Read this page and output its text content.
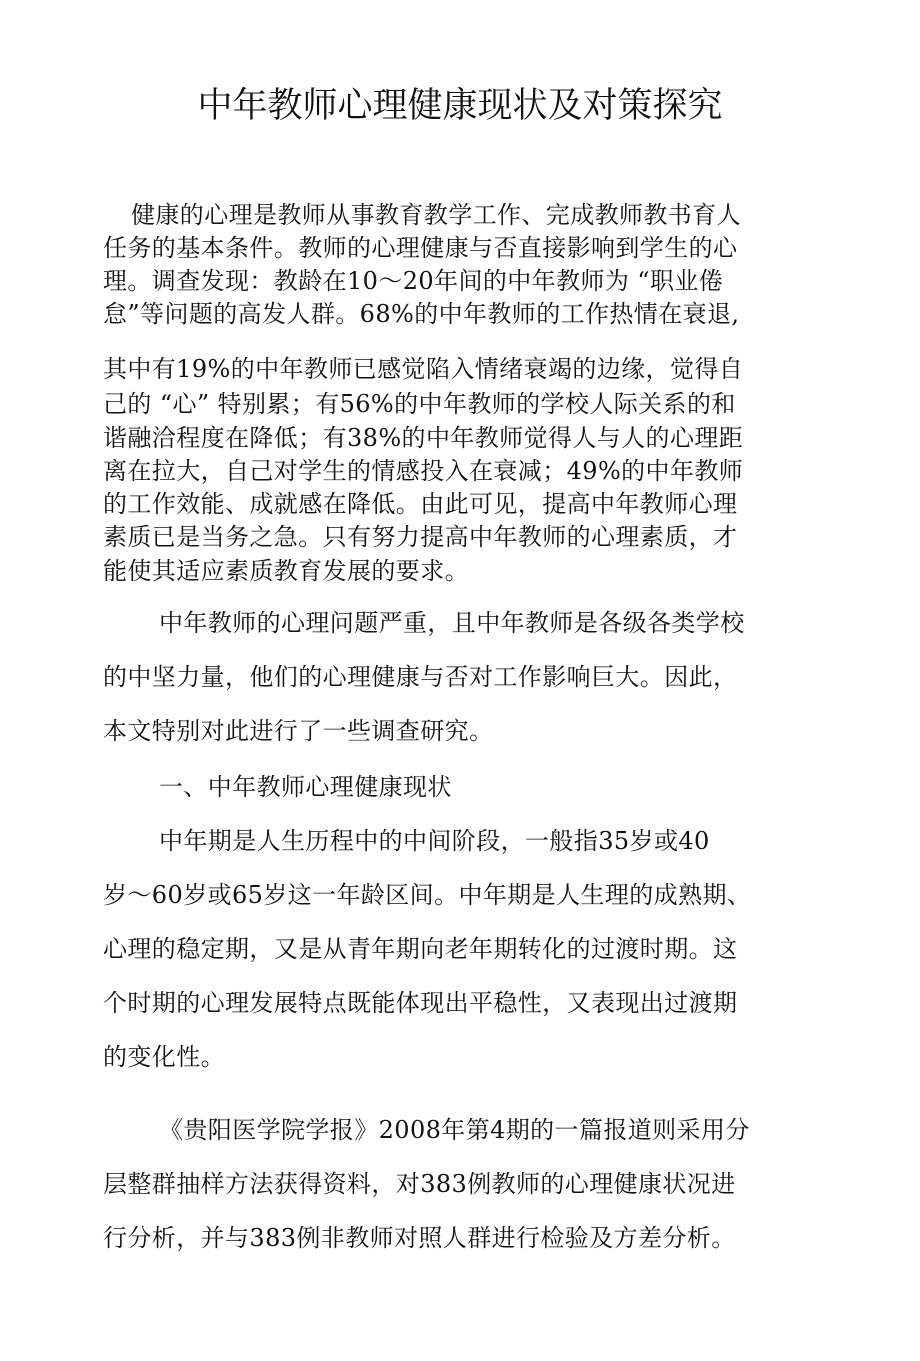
中年教师心理健康现状及对策探究
健康的心理是教师从事教育教学工作、完成教师教书育人
任务的基本条件。教师的心理健康与否直接影响到学生的心
理。调查发现：教龄在10～20年间的中年教师为 “职业倦
怠”等问题的高发人群。68%的中年教师的工作热情在衰退,
其中有19%的中年教师已感觉陷入情绪衰竭的边缘，觉得自
己的 “心” 特别累；有56%的中年教师的学校人际关系的和
谐融洽程度在降低；有38%的中年教师觉得人与人的心理距
离在拉大，自己对学生的情感投入在衰减；49%的中年教师
的工作效能、成就感在降低。由此可见，提高中年教师心理
素质已是当务之急。只有努力提高中年教师的心理素质，才
能使其适应素质教育发展的要求。
中年教师的心理问题严重，且中年教师是各级各类学校
的中坚力量，他们的心理健康与否对工作影响巨大。因此，
本文特别对此进行了一些调查研究。
一、中年教师心理健康现状
中年期是人生历程中的中间阶段，一般指35岁或40
岁～60岁或65岁这一年龄区间。中年期是人生理的成熟期、
心理的稳定期，又是从青年期向老年期转化的过渡时期。这
个时期的心理发展特点既能体现出平稳性，又表现出过渡期
的变化性。
《贵阳医学院学报》2008年第4期的一篇报道则采用分
层整群抽样方法获得资料，对383例教师的心理健康状况进
行分析，并与383例非教师对照人群进行检验及方差分析。
